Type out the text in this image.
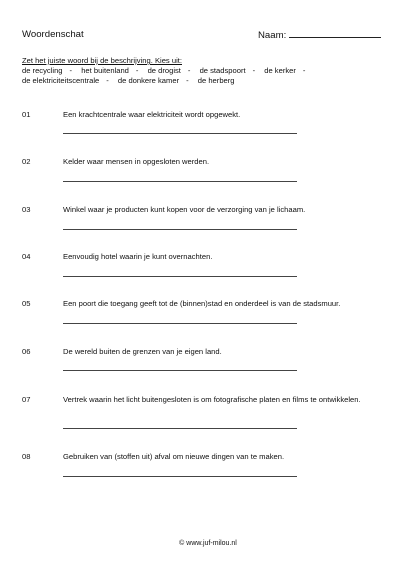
Woordenschat	Naam:
Zet het juiste woord bij de beschrijving. Kies uit:
de recycling - het buitenland - de drogist - de stadspoort - de kerker - de elektriciteitscentrale - de donkere kamer - de herberg
01	Een krachtcentrale waar elektriciteit wordt opgewekt.
02	Kelder waar mensen in opgesloten werden.
03	Winkel waar je producten kunt kopen voor de verzorging van je lichaam.
04	Eenvoudig hotel waarin je kunt overnachten.
05	Een poort die toegang geeft tot de (binnen)stad en onderdeel is van de stadsmuur.
06	De wereld buiten de grenzen van je eigen land.
07	Vertrek waarin het licht buitengesloten is om fotografische platen en films te ontwikkelen.
08	Gebruiken van (stoffen uit) afval om nieuwe dingen van te maken.
© www.juf-milou.nl
